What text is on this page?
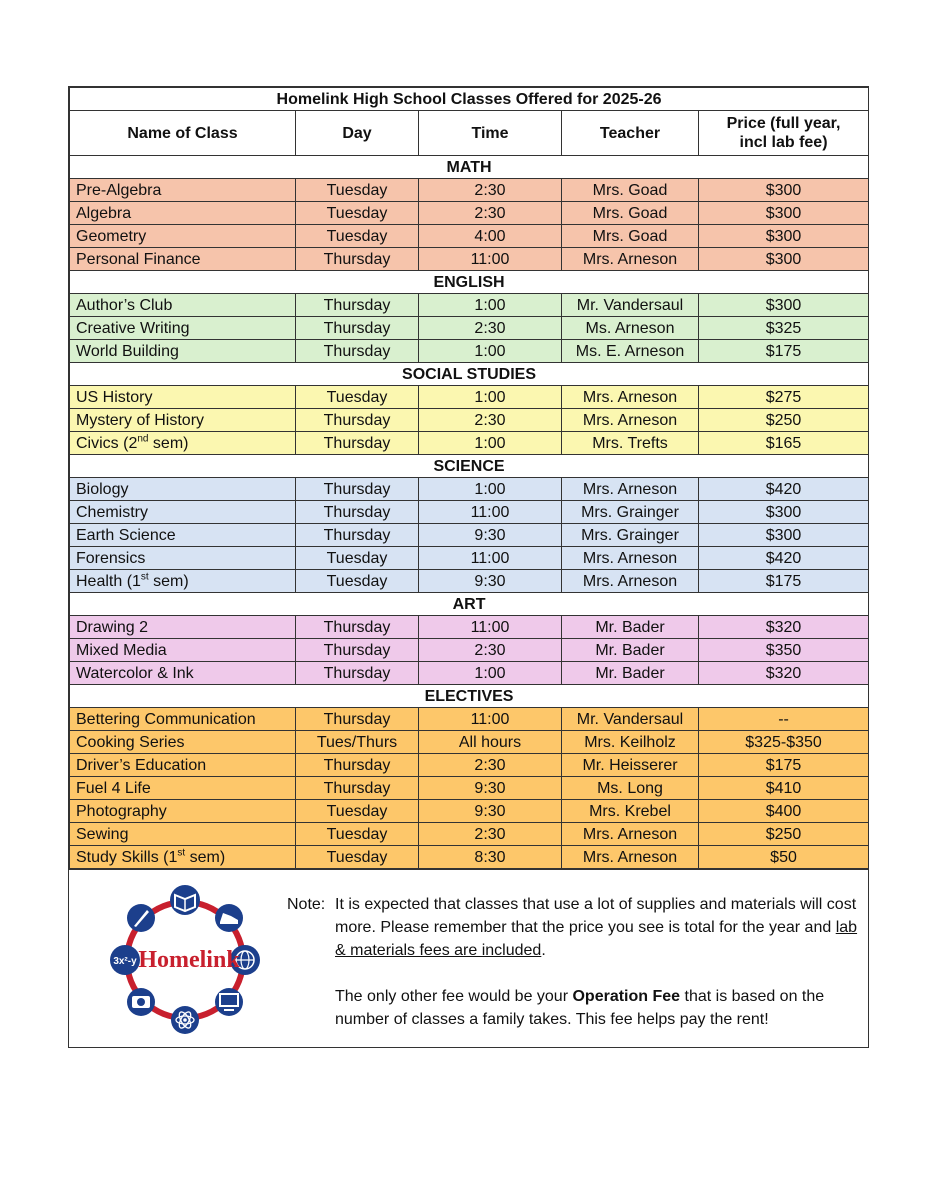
Homelink High School Classes Offered for 2025-26				
Name of Class	Day	Time	Teacher	Price (full year,
incl lab fee)
MATH				
Pre-Algebra	Tuesday	2:30	Mrs. Goad	$300
Algebra	Tuesday	2:30	Mrs. Goad	$300
Geometry	Tuesday	4:00	Mrs. Goad	$300
Personal Finance	Thursday	11:00	Mrs. Arneson	$300
ENGLISH				
Author’s Club	Thursday	1:00	Mr. Vandersaul	$300
Creative Writing	Thursday	2:30	Ms. Arneson	$325
World Building	Thursday	1:00	Ms. E. Arneson	$175
SOCIAL STUDIES				
US History	Tuesday	1:00	Mrs. Arneson	$275
Mystery of History	Thursday	2:30	Mrs. Arneson	$250
Civics (2nd sem)	Thursday	1:00	Mrs. Trefts	$165
SCIENCE				
Biology	Thursday	1:00	Mrs. Arneson	$420
Chemistry	Thursday	11:00	Mrs. Grainger	$300
Earth Science	Thursday	9:30	Mrs. Grainger	$300
Forensics	Tuesday	11:00	Mrs. Arneson	$420
Health (1st sem)	Tuesday	9:30	Mrs. Arneson	$175
ART				
Drawing 2	Thursday	11:00	Mr. Bader	$320
Mixed Media	Thursday	2:30	Mr. Bader	$350
Watercolor & Ink	Thursday	1:00	Mr. Bader	$320
ELECTIVES				
Bettering Communication	Thursday	11:00	Mr. Vandersaul	--
Cooking Series	Tues/Thurs	All hours	Mrs. Keilholz	$325-$350
Driver’s Education	Thursday	2:30	Mr. Heisserer	$175
Fuel 4 Life	Thursday	9:30	Ms. Long	$410
Photography	Tuesday	9:30	Mrs. Krebel	$400
Sewing	Tuesday	2:30	Mrs. Arneson	$250
Study Skills (1st sem)	Tuesday	8:30	Mrs. Arneson	$50
3x²-y Homelink
Note: It is expected that classes that use a lot of supplies and materials will cost more. Please remember that the price you see is total for the year and lab & materials fees are included.
The only other fee would be your Operation Fee that is based on the number of classes a family takes. This fee helps pay the rent!
